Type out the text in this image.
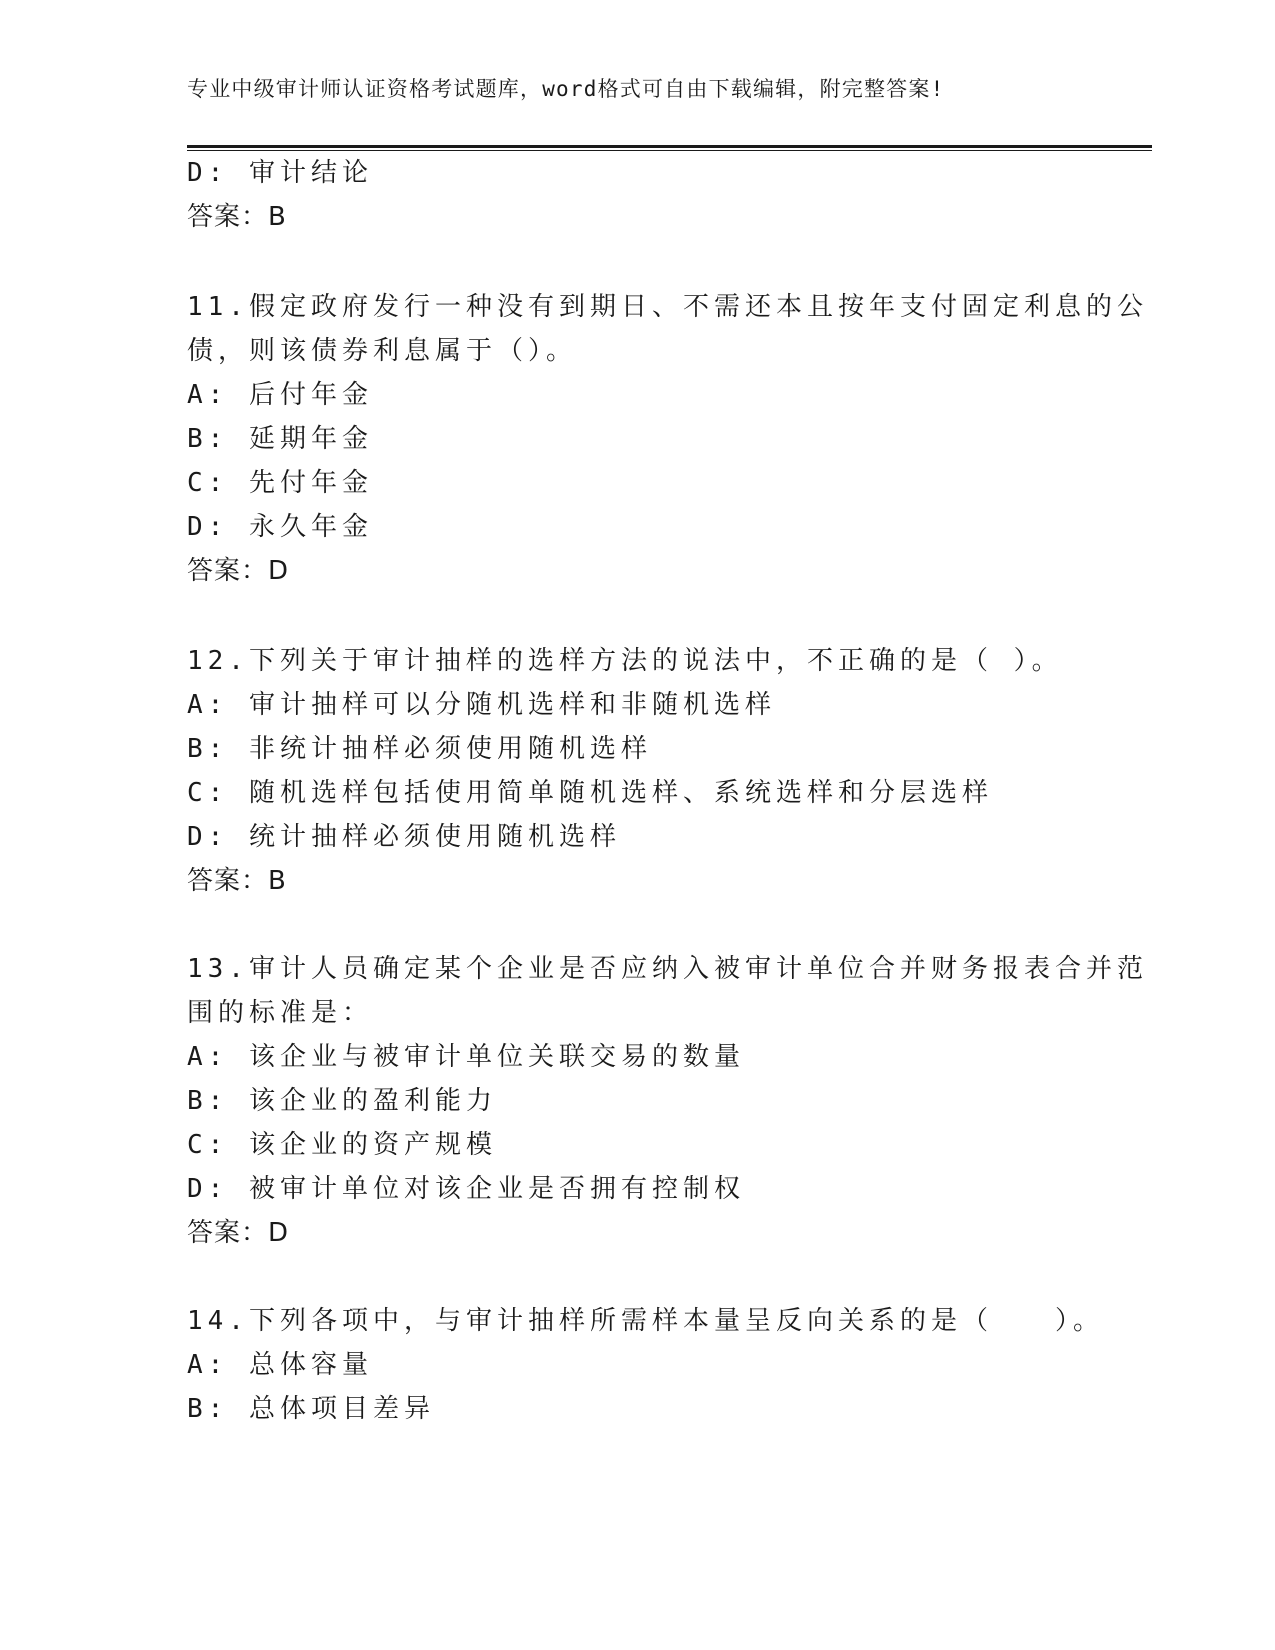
专业中级审计师认证资格考试题库，word格式可自由下载编辑，附完整答案!
D: 审计结论
答案：B
11.假定政府发行一种没有到期日、不需还本且按年支付固定利息的公
债，则该债券利息属于（）。
A: 后付年金
B: 延期年金
C: 先付年金
D: 永久年金
答案：D
12.下列关于审计抽样的选样方法的说法中，不正确的是（ ）。
A: 审计抽样可以分随机选样和非随机选样
B: 非统计抽样必须使用随机选样
C: 随机选样包括使用简单随机选样、系统选样和分层选样
D: 统计抽样必须使用随机选样
答案：B
13.审计人员确定某个企业是否应纳入被审计单位合并财务报表合并范
围的标准是：
A: 该企业与被审计单位关联交易的数量
B: 该企业的盈利能力
C: 该企业的资产规模
D: 被审计单位对该企业是否拥有控制权
答案：D
14.下列各项中，与审计抽样所需样本量呈反向关系的是（　　）。
A: 总体容量
B: 总体项目差异
